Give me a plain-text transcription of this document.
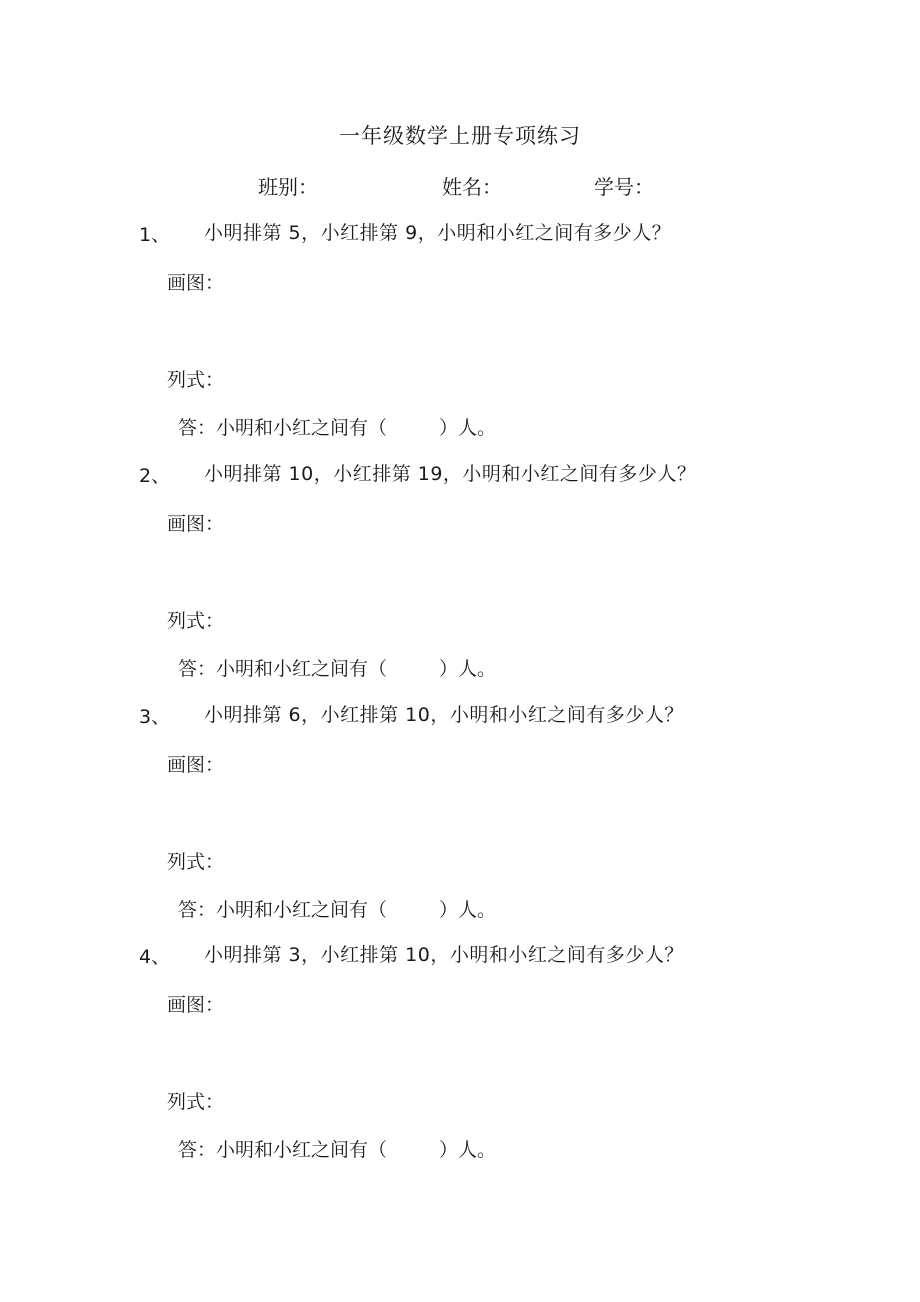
一年级数学上册专项练习
班别：	姓名：	学号：
1、 小明排第 5，小红排第 9，小明和小红之间有多少人？
画图：
列式：
答：小明和小红之间有（	）人。
2、 小明排第 10，小红排第 19，小明和小红之间有多少人？
画图：
列式：
答：小明和小红之间有（	）人。
3、 小明排第 6，小红排第 10，小明和小红之间有多少人？
画图：
列式：
答：小明和小红之间有（	）人。
4、 小明排第 3，小红排第 10，小明和小红之间有多少人？
画图：
列式：
答：小明和小红之间有（	）人。
